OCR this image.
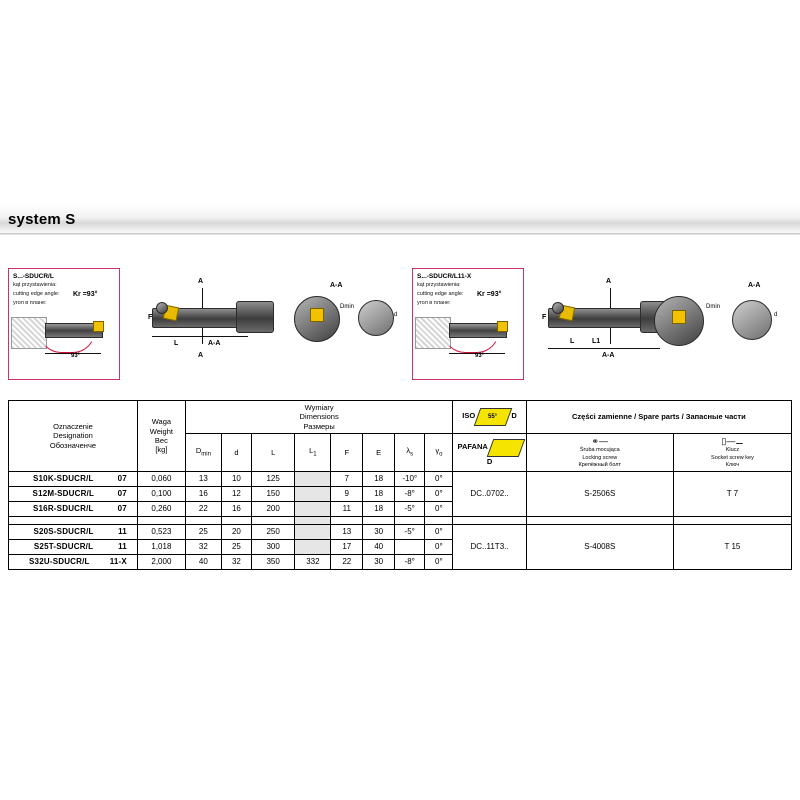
system S
S...-SDUCR/L
kąt przystawienia:
cutting edge angle:
угол в плане:
Kr =93°
93°
A
F
L	A-A
A
A-A
Dmin
d
S...-SDUCR/L11-X
kąt przystawienia:
cutting edge angle:
угол в плане:
Kr =93°
93°
A
F
L	L1
A-A
A-A
Dmin
d
Oznaczenie
Designation
Обозначенче

Waga
Weight
Вес
[kg]

Wymiary
Dimensions
Размеры
	ISO 55° D	Części zamienne / Spare parts / Запасные части
$D_{min}$	d	L	$L_1$	F	E	$\lambda_s$	$\gamma_o$	PAFANA   D	
⚭—
Śruba mocująca
Locking screw
Крепёжный болт

▯—⚊
Klucz
Socket screw key
Ключ

S10K-SDUCR/L 07	0,060	13	10	125		7	18	-10°	0°	DC..0702..	S-2506S	T 7
S12M-SDUCR/L 07	0,100	16	12	150		9	18	-8°	0°			
S16R-SDUCR/L 07	0,260	22	16	200		11	18	-5°	0°			

S20S-SDUCR/L 11	0,523	25	20	250		13	30	-5°	0°	DC..11T3..	S-4008S	T 15
S25T-SDUCR/L 11	1,018	32	25	300		17	40		0°			
S32U-SDUCR/L 11-X	2,000	40	32	350	332	22	30	-8°	0°			
